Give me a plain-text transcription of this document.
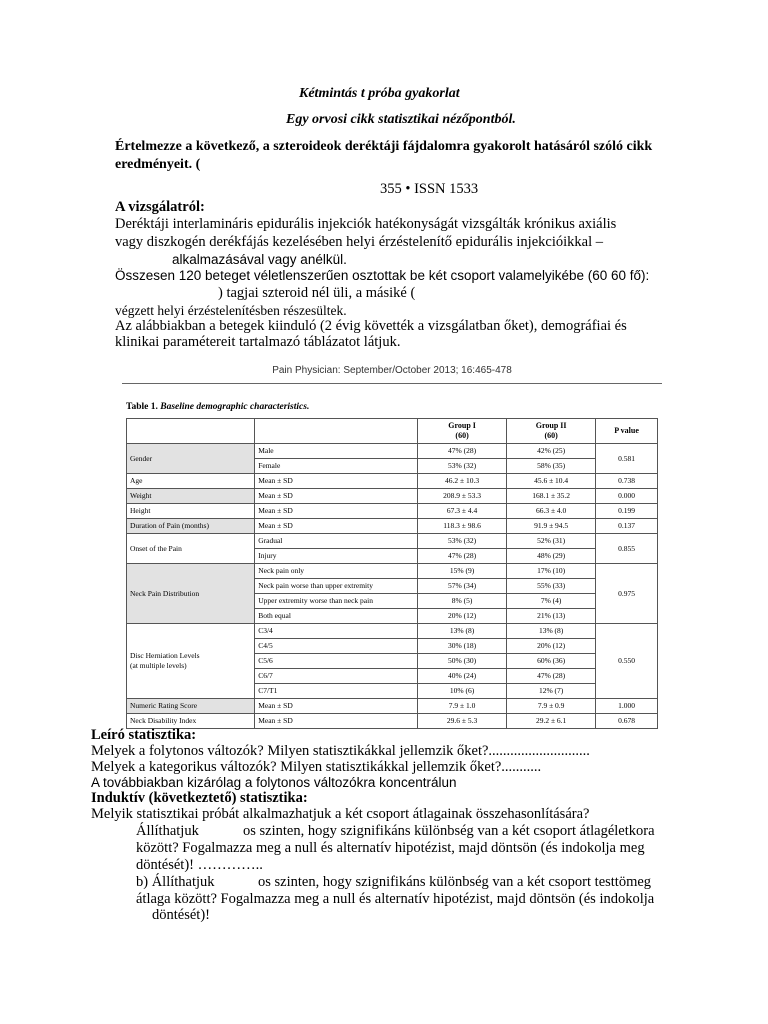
Kétmintás t próba gyakorlat
Egy orvosi cikk statisztikai nézőpontból.
Értelmezze a következő, a szteroideok deréktáji fájdalomra gyakorolt hatásáról szóló cikk
eredményeit. (
355 • ISSN 1533
A vizsgálatról:
Deréktáji interlamináris epidurális injekciók hatékonyságát vizsgálták krónikus axiális
vagy diszkogén derékfájás kezelésében helyi érzéstelenítő epidurális injekcióikkal –
alkalmazásával vagy anélkül.
Összesen 120 beteget véletlenszerűen osztottak be két csoport valamelyikébe (60 60 fő):
) tagjai szteroid nél üli, a másiké (
végzett helyi érzéstelenítésben részesültek.
Az alábbiakban a betegek kiinduló (2 évig követték a vizsgálatban őket), demográfiai és
klinikai paramétereit tartalmazó táblázatot látjuk.
Pain Physician: September/October 2013; 16:465-478
Table 1. Baseline demographic characteristics.
		Group I
(60)	Group II
(60)	P value
Gender	Male	47% (28)	42% (25)	0.581
	Female	53% (32)	58% (35)	
Age	Mean ± SD	46.2 ± 10.3	45.6 ± 10.4	0.738
Weight	Mean ± SD	208.9 ± 53.3	168.1 ± 35.2	0.000
Height	Mean ± SD	67.3 ± 4.4	66.3 ± 4.0	0.199
Duration of Pain (months)	Mean ± SD	118.3 ± 98.6	91.9 ± 94.5	0.137
Onset of the Pain	Gradual	53% (32)	52% (31)	0.855
	Injury	47% (28)	48% (29)	
Neck Pain Distribution	Neck pain only	15% (9)	17% (10)	0.975
	Neck pain worse than upper extremity	57% (34)	55% (33)	
	Upper extremity worse than neck pain	8% (5)	7% (4)	
	Both equal	20% (12)	21% (13)	
Disc Herniation Levels
(at multiple levels)	C3/4	13% (8)	13% (8)	0.550
	C4/5	30% (18)	20% (12)	
	C5/6	50% (30)	60% (36)	
	C6/7	40% (24)	47% (28)	
	C7/T1	10% (6)	12% (7)	
Numeric Rating Score	Mean ± SD	7.9 ± 1.0	7.9 ± 0.9	1.000
Neck Disability Index	Mean ± SD	29.6 ± 5.3	29.2 ± 6.1	0.678
Leíró statisztika:
Melyek a folytonos változók? Milyen statisztikákkal jellemzik őket?............................
Melyek a kategorikus változók? Milyen statisztikákkal jellemzik őket?...........
A továbbiakban kizárólag a folytonos változókra koncentrálun
Induktív (következtető) statisztika:
Melyik statisztikai próbát alkalmazhatjuk a két csoport átlagainak összehasonlítására?
Állíthatjuk	os szinten, hogy szignifikáns különbség van a két csoport átlagéletkora
között? Fogalmazza meg a null és alternatív hipotézist, majd döntsön (és indokolja meg
döntését)! …………..
b) Állíthatjuk	os szinten, hogy szignifikáns különbség van a két csoport testtömeg
átlaga között? Fogalmazza meg a null és alternatív hipotézist, majd döntsön (és indokolja
döntését)!
